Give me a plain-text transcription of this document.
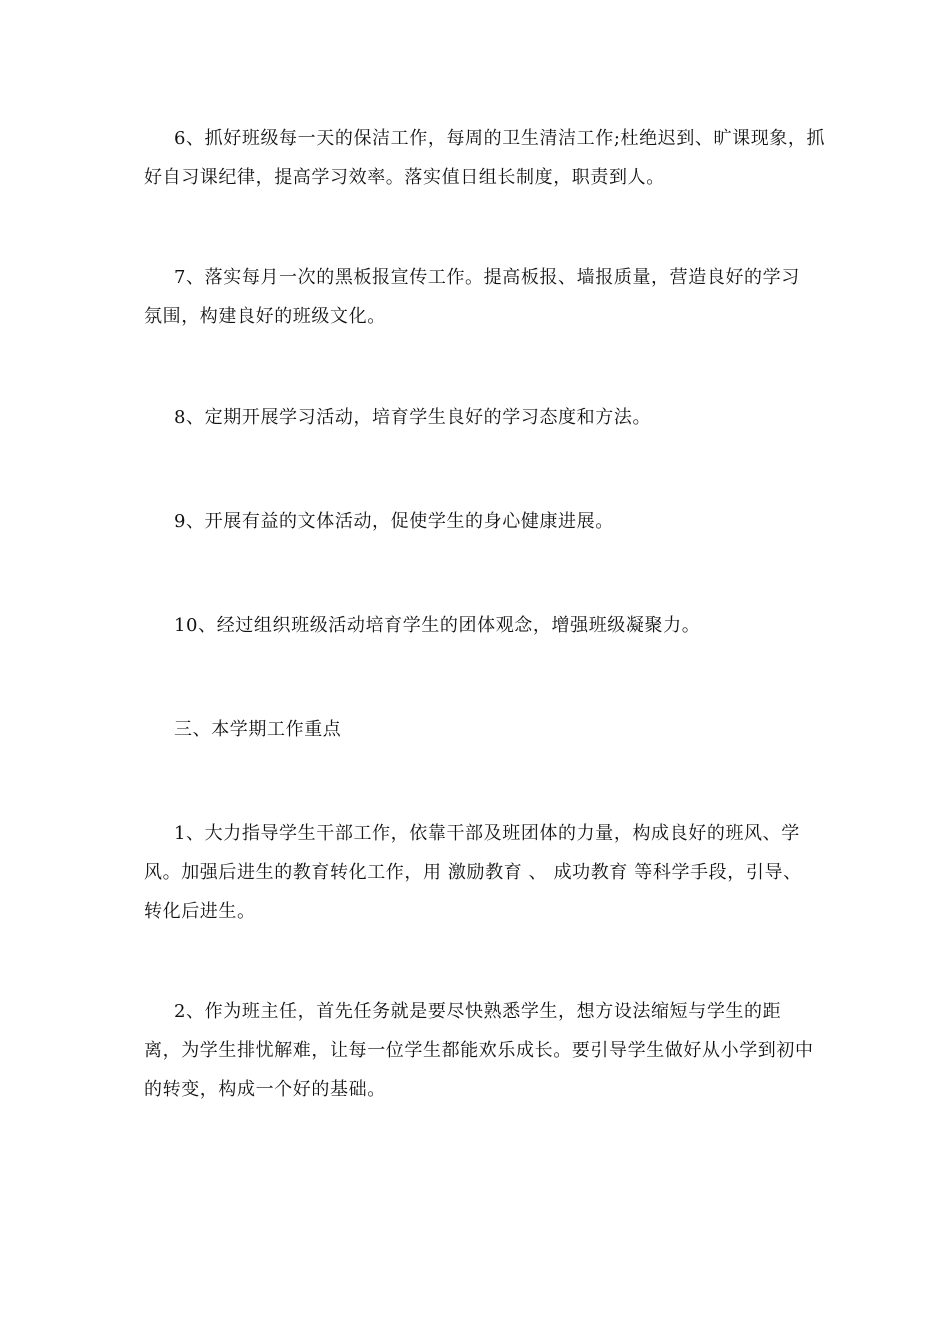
6、抓好班级每一天的保洁工作，每周的卫生清洁工作;杜绝迟到、旷课现象，抓好自习课纪律，提高学习效率。落实值日组长制度，职责到人。

7、落实每月一次的黑板报宣传工作。提高板报、墙报质量，营造良好的学习氛围，构建良好的班级文化。

8、定期开展学习活动，培育学生良好的学习态度和方法。

9、开展有益的文体活动，促使学生的身心健康进展。

10、经过组织班级活动培育学生的团体观念，增强班级凝聚力。

三、本学期工作重点

1、大力指导学生干部工作，依靠干部及班团体的力量，构成良好的班风、学风。加强后进生的教育转化工作，用 激励教育 、 成功教育 等科学手段，引导、转化后进生。

2、作为班主任，首先任务就是要尽快熟悉学生，想方设法缩短与学生的距离，为学生排忧解难，让每一位学生都能欢乐成长。要引导学生做好从小学到初中的转变，构成一个好的基础。
